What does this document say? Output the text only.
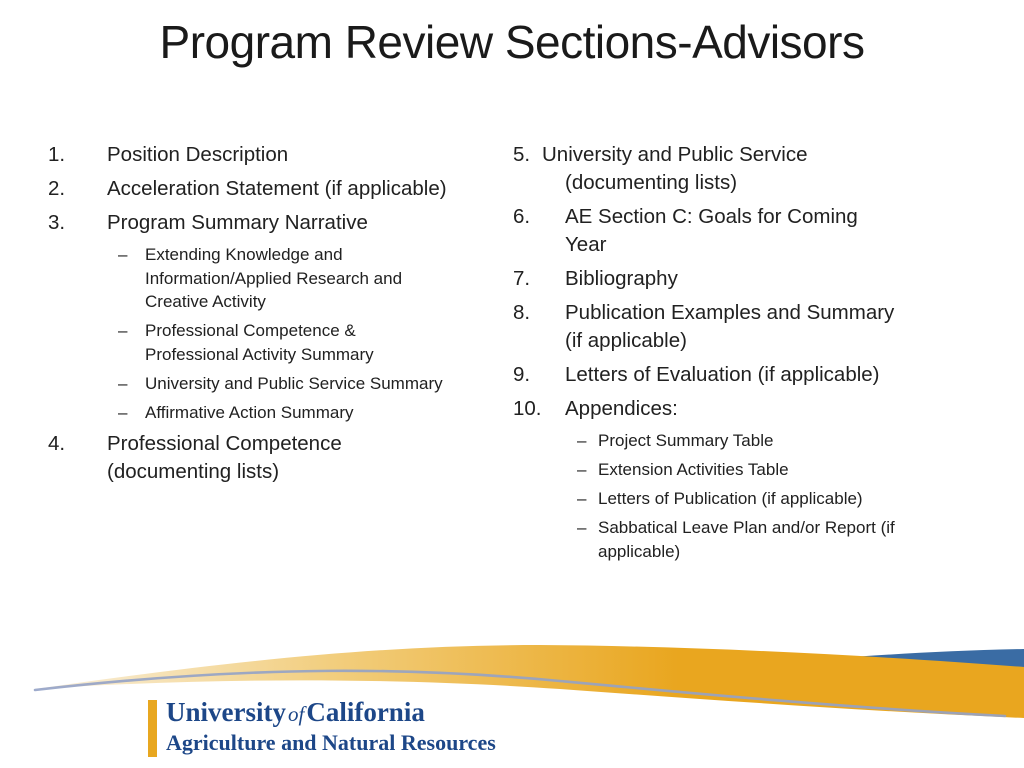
Program Review Sections-Advisors
1. Position Description
2. Acceleration Statement (if applicable)
3. Program Summary Narrative
– Extending Knowledge and Information/Applied Research and Creative Activity
– Professional Competence & Professional Activity Summary
– University and Public Service Summary
– Affirmative Action Summary
4. Professional Competence (documenting lists)
5. University and Public Service (documenting lists)
6. AE Section C: Goals for Coming Year
7. Bibliography
8. Publication Examples and Summary (if applicable)
9. Letters of Evaluation (if applicable)
10. Appendices:
– Project Summary Table
– Extension Activities Table
– Letters of Publication (if applicable)
– Sabbatical Leave Plan and/or Report (if applicable)
UniversityofCalifornia
Agriculture and Natural Resources
